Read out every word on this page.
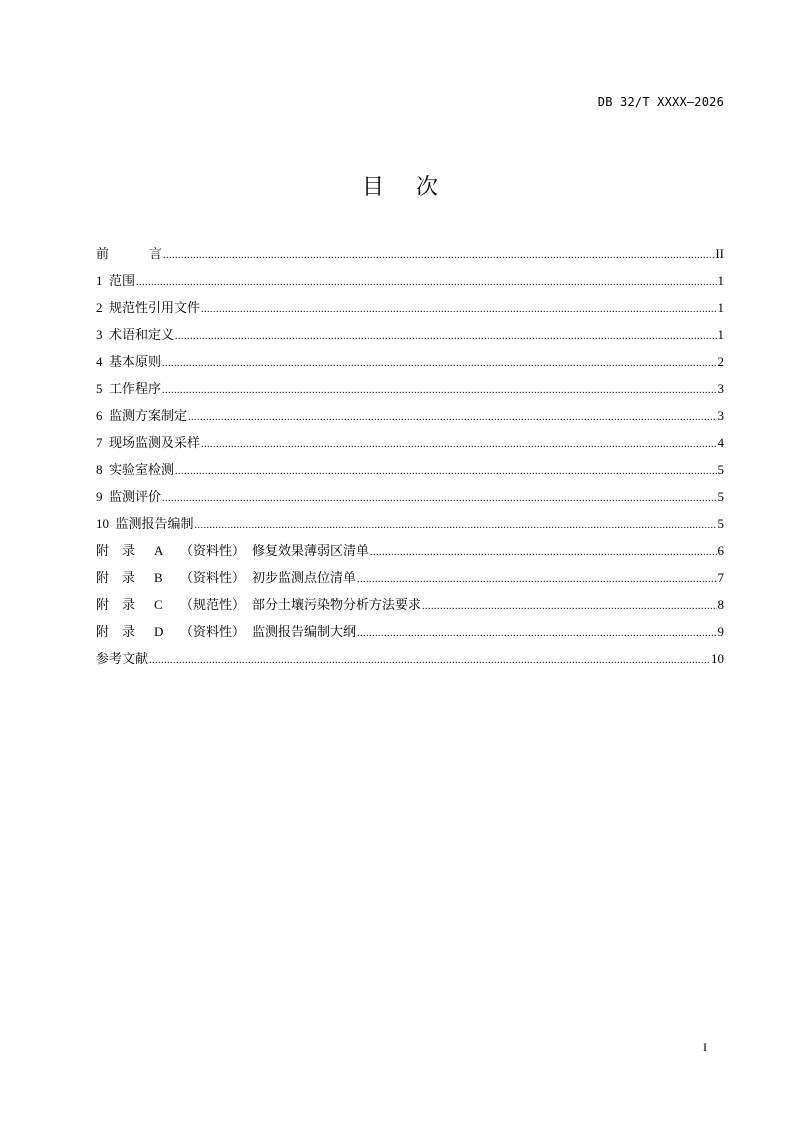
DB 32/T XXXX—2026
目 次
前	言 .....	II
1  范围 .....	1
2  规范性引用文件 .....	1
3  术语和定义 .....	1
4  基本原则 .....	2
5  工作程序 .....	3
6  监测方案制定 .....	3
7  现场监测及采样 .....	4
8  实验室检测 .....	5
9  监测评价 .....	5
10  监测报告编制 .....	5
附 录 A （资料性） 修复效果薄弱区清单 .....	6
附 录 B （资料性） 初步监测点位清单 .....	7
附 录 C （规范性） 部分土壤污染物分析方法要求 .....	8
附 录 D （资料性） 监测报告编制大纲 .....	9
参考文献 .....	10
I
